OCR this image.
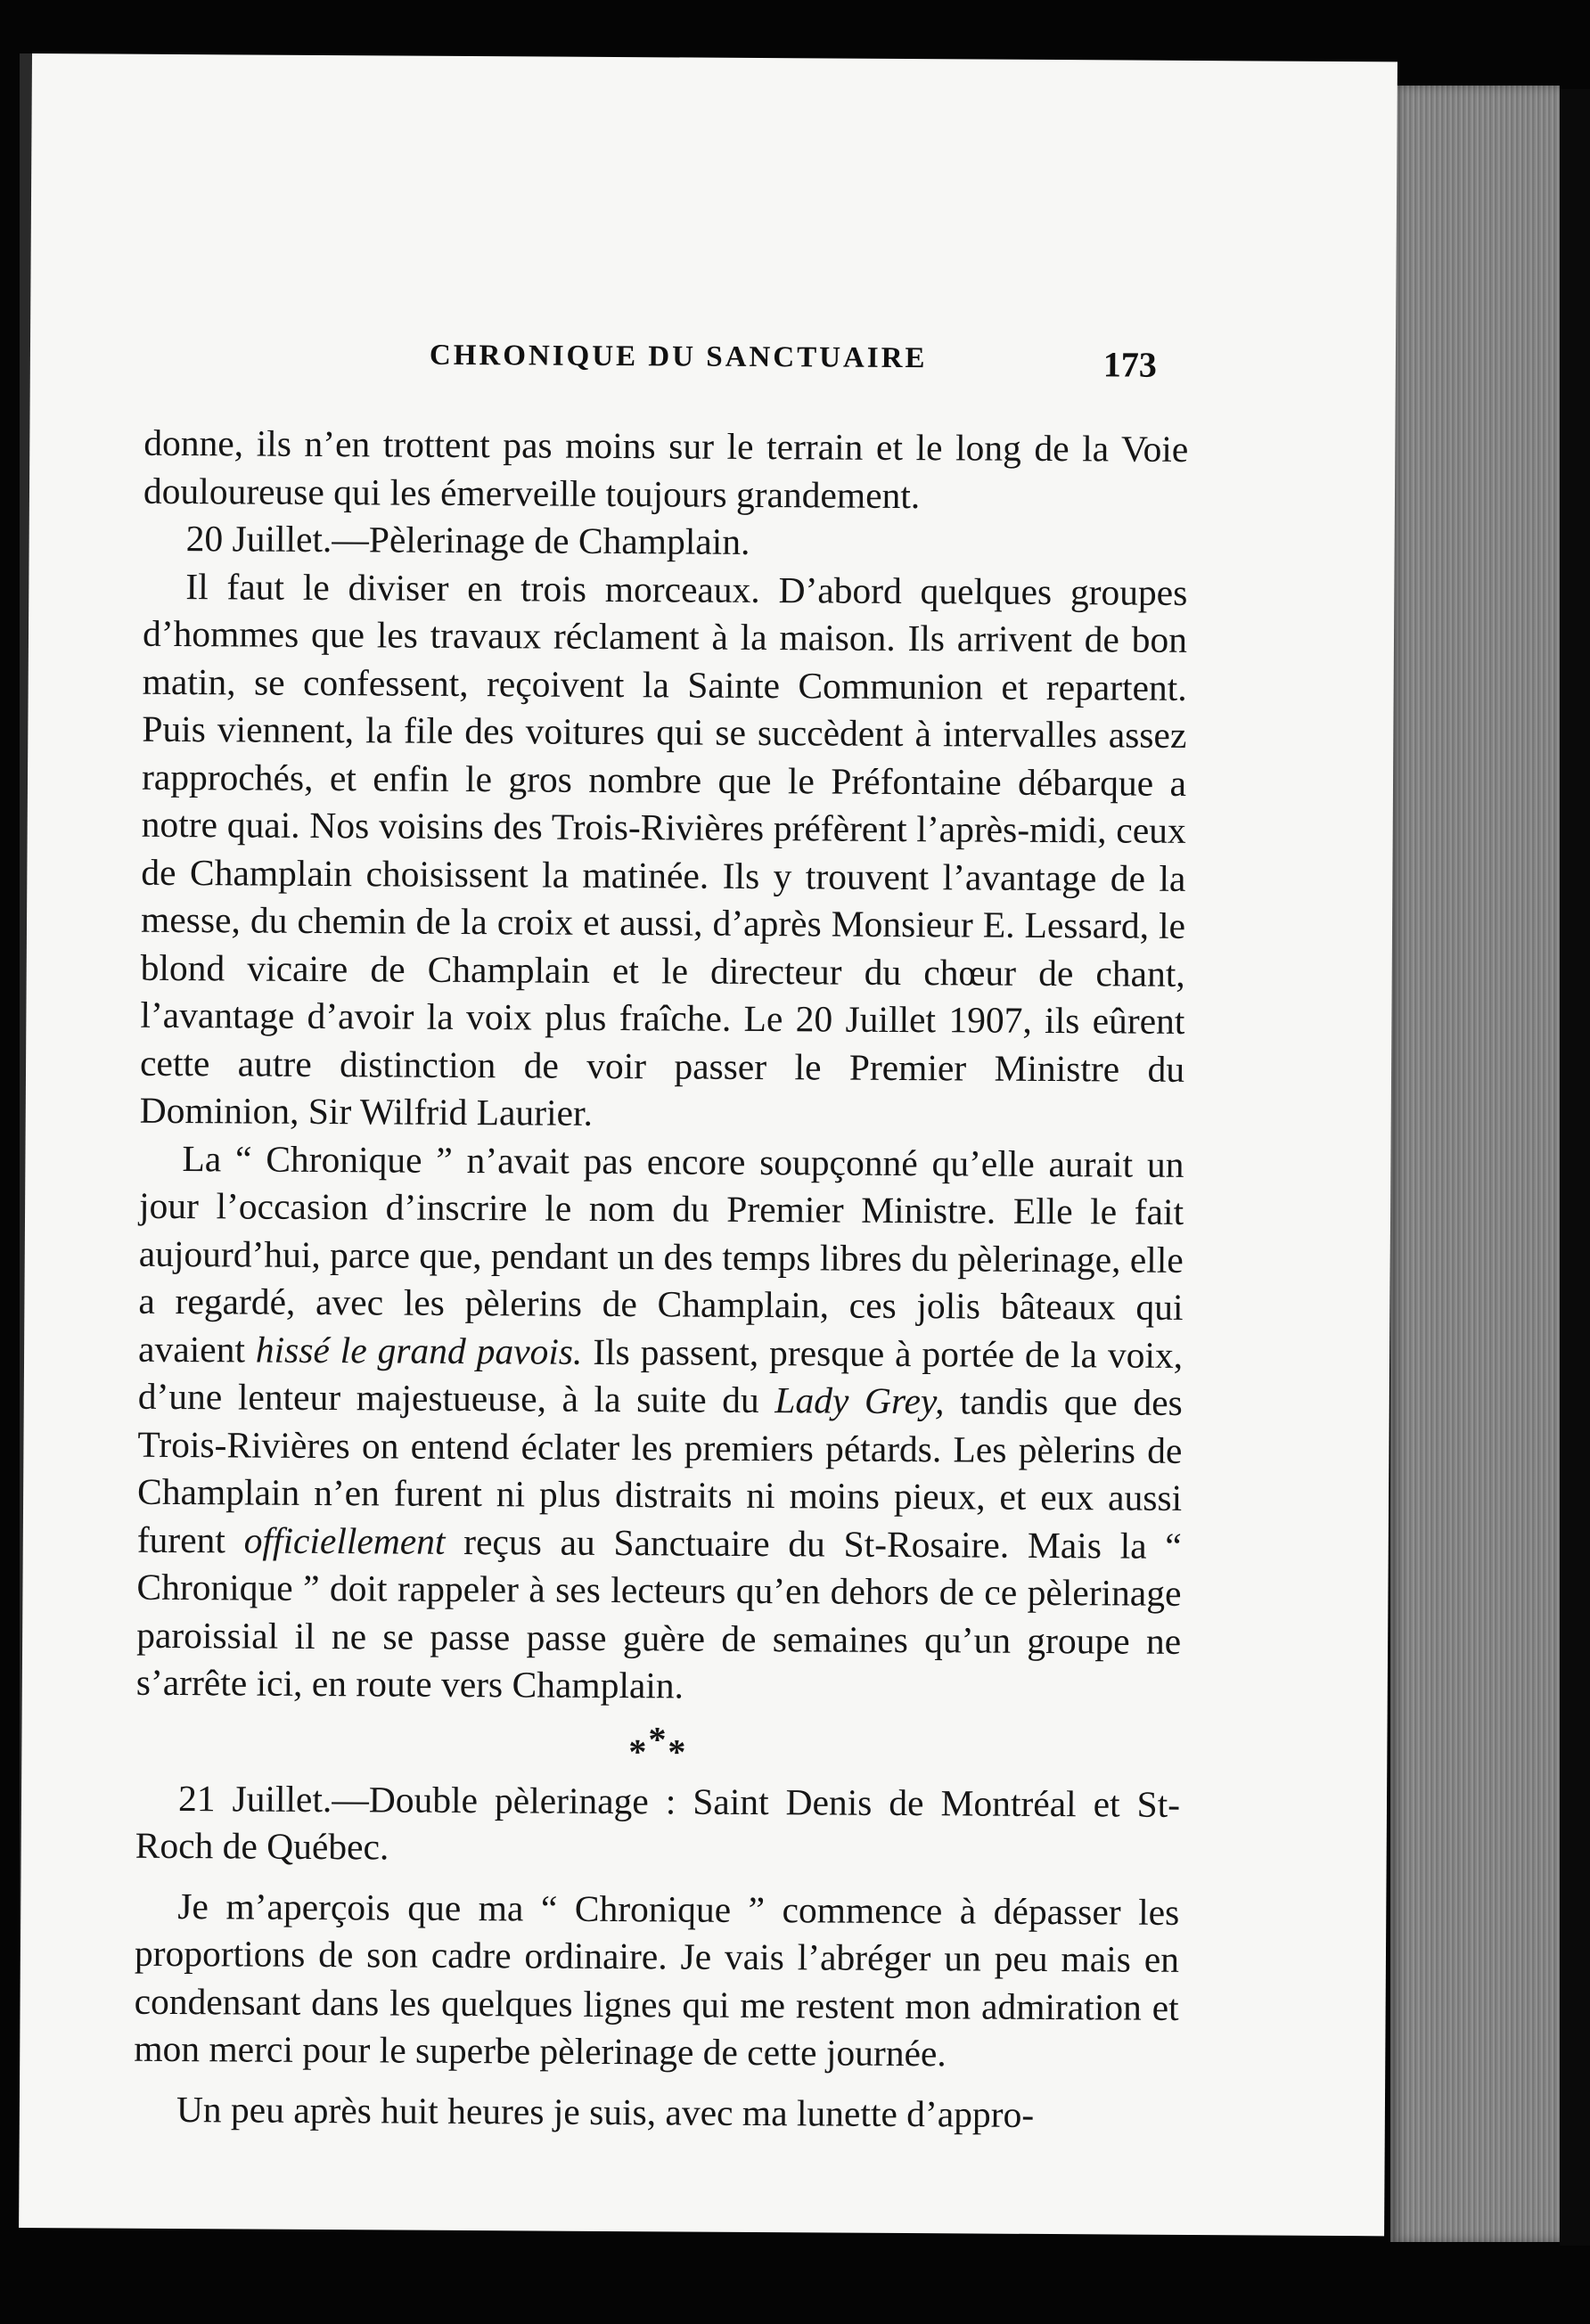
CHRONIQUE DU SANCTUAIRE	173

donne, ils n’en trottent pas moins sur le terrain et le long de la Voie douloureuse qui les émerveille toujours grandement.

20 Juillet.—Pèlerinage de Champlain.

Il faut le diviser en trois morceaux. D’abord quelques groupes d’hommes que les travaux réclament à la maison. Ils arrivent de bon matin, se confessent, reçoivent la Sainte Communion et repartent. Puis viennent, la file des voitures qui se succèdent à intervalles assez rapprochés, et enfin le gros nombre que le Préfontaine débarque a notre quai. Nos voisins des Trois-Rivières préfèrent l’après-midi, ceux de Champlain choisissent la matinée. Ils y trouvent l’avantage de la messe, du chemin de la croix et aussi, d’après Monsieur E. Lessard, le blond vicaire de Champlain et le directeur du chœur de chant, l’avantage d’avoir la voix plus fraîche. Le 20 Juillet 1907, ils eûrent cette autre distinction de voir passer le Premier Ministre du Dominion, Sir Wilfrid Laurier.

La “ Chronique ” n’avait pas encore soupçonné qu’elle aurait un jour l’occasion d’inscrire le nom du Premier Ministre. Elle le fait aujourd’hui, parce que, pendant un des temps libres du pèlerinage, elle a regardé, avec les pèlerins de Champlain, ces jolis bâteaux qui avaient hissé le grand pavois. Ils passent, presque à portée de la voix, d’une lenteur majestueuse, à la suite du Lady Grey, tandis que des Trois-Rivières on entend éclater les premiers pétards. Les pèlerins de Champlain n’en furent ni plus distraits ni moins pieux, et eux aussi furent officiellement reçus au Sanctuaire du St-Rosaire. Mais la “ Chronique ” doit rappeler à ses lecteurs qu’en dehors de ce pèlerinage paroissial il ne se passe passe guère de semaines qu’un groupe ne s’arrête ici, en route vers Champlain.

***

21 Juillet.—Double pèlerinage : Saint Denis de Montréal et St-Roch de Québec.

Je m’aperçois que ma “ Chronique ” commence à dépasser les proportions de son cadre ordinaire. Je vais l’abréger un peu mais en condensant dans les quelques lignes qui me restent mon admiration et mon merci pour le superbe pèlerinage de cette journée.

Un peu après huit heures je suis, avec ma lunette d’appro-
